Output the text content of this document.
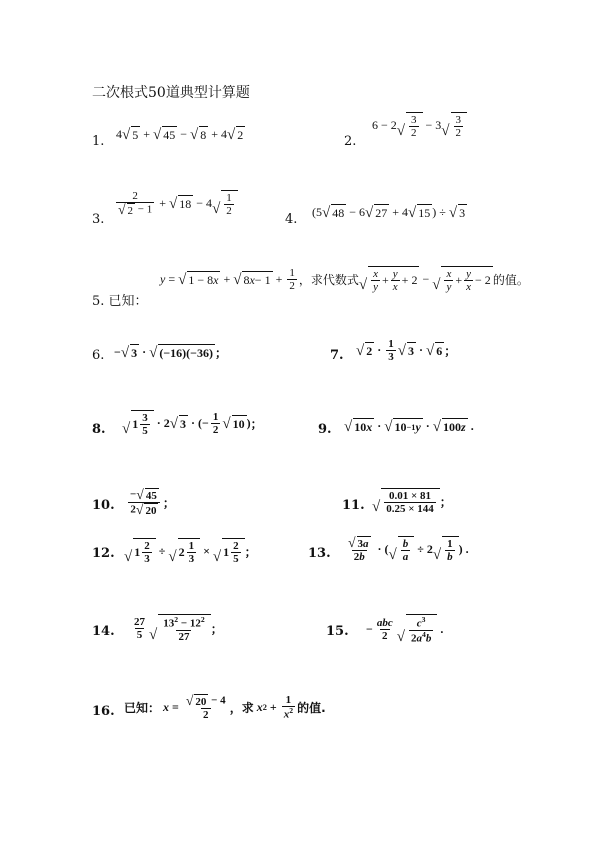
二次根式50道典型计算题
1. 4 √ 5 + √ 45 − √ 8 + 4 √ 2	2.
6 − 2 √ $\frac{3}{2} - 3$ √ $\frac{3}{2}$
3.
$\frac{2}{√ 2 - 1}$ + √ 18 − 4 √ $\frac{1}{2}$
4. (5 √ 48 − 6 √ 27 + 4 √ 15 ) ÷ √ 3
5. 已知：
y = √ 1 − 8 x + √ 8 $x - 1 + \frac{1}{2}$ ，求代数式 √ $\frac{x}{y} + \frac{y}{x} + 2$ − √ $\frac{x}{y} + \frac{y}{x} - 2$ 的值。
6. − √ 3 · √ (−16)(−36) ；	7. √ $2 \cdot \frac{1}{3}$ √ 3 · √ 6 ；
8. √ $1 \frac{3}{5} \cdot 2$ √ 3 · (− $\frac{1}{2}$ √ 10 ) ；	9. √ 10 x · √ 10 −1 y · √ 100 z
.
10. $\frac{- √ 45}{2 √ 20}$ ；	11. √ $\frac{0.01 \times 81}{0.25 \times 144}$ ；
12. √ $1 \frac{2}{3}$ ÷ √ $2 \frac{1}{3}$ × √ $1 \frac{2}{5}$ ；	13. $\frac{√ 3 a}{2b}$ · ( √ $\frac{b}{a} \div 2$ √ $\frac{1}{b}$ ) .
14. $\frac{27}{5}$ √ $\frac{13^2 - 12^2}{27}$ ；	15. − $\frac{\text{abc}}{2}$ √ $\frac{c^3}{2a^4b}$
.
16. 已知：
$x = \frac{√ 20 - 4}{2}$ ，求
x $2 + \frac{1}{x^2}$ 的值.
